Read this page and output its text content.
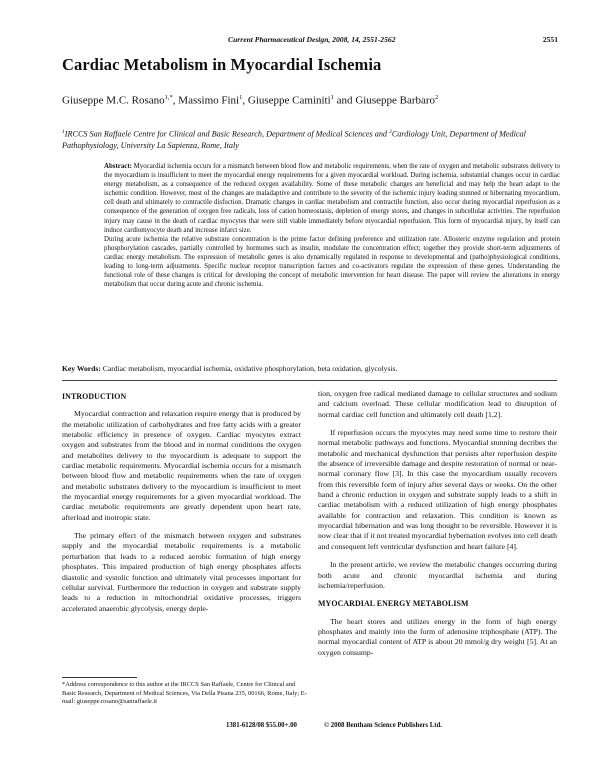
Current Pharmaceutical Design, 2008, 14, 2551-2562	2551
Cardiac Metabolism in Myocardial Ischemia
Giuseppe M.C. Rosano$^{1,*}$, Massimo Fini$^1$, Giuseppe Caminiti$^1$ and Giuseppe Barbaro$^2$
$^1$IRCCS San Raffaele Centre for Clinical and Basic Research, Department of Medical Sciences and $^2$Cardiology Unit, Department of Medical Pathophysiology, University La Sapienza, Rome, Italy

Abstract: Myocardial ischemia occurs for a mismatch between blood flow and metabolic requirements, when the rate of oxygen and metabolic substrates delivery to the myocardium is insufficient to meet the myocardial energy requirements for a given myocardial workload. During ischemia, substantial changes occur in cardiac energy metabolism, as a consequence of the reduced oxygen availability. Some of these metabolic changes are beneficial and may help the heart adapt to the ischemic condition. However, most of the changes are maladaptive and contribute to the severity of the ischemic injury leading stunned or hibernating myocardium, cell death and ultimately to contractile disfuction. Dramatic changes in cardiac metabolism and contractile function, also occur during myocardial reperfusion as a consequence of the generation of oxygen free radicals, loss of cation homeostasis, depletion of energy stores, and changes in subcellular activities. The reperfusion injury may cause in the death of cardiac myocytes that were still viable immediately before myocardial reperfusion. This form of myocardial injury, by itself can induce cardiomyocyte death and increase infarct size.

During acute ischemia the relative substrate concentration is the prime factor defining preference and utilization rate. Allosteric enzyme regulation and protein phosphorylation cascades, partially controlled by hormones such as insulin, modulate the concentration effect; together they provide short-term adjustments of cardiac energy metabolism. The expression of metabolic genes is also dynamically regulated in response to developmental and (patho)physiological conditions, leading to long-term adjustments. Specific nuclear receptor transcription factors and co-activators regulate the expression of these genes. Understanding the functional role of these changes is critical for developing the concept of metabolic intervention for heart disease. The paper will review the alterations in energy metabolism that occur during acute and chronic ischemia.

Key Words: Cardiac metabolism, myocardial ischemia, oxidative phosphorylation, beta oxidation, glycolysis.
INTRODUCTION

Myocardial contraction and relaxation require energy that is produced by the metabolic utilization of carbohydrates and free fatty acids with a greater metabolic efficiency in presence of oxygen. Cardiac myocytes extract oxygen and substrates from the blood and in normal conditions the oxygen and metabolites delivery to the myocardium is adequate to support the cardiac metabolic requirements. Myocardial ischemia occurs for a mismatch between blood flow and metabolic requirements when the rate of oxygen and metabolic substrates delivery to the myocardium is insufficient to meet the myocardial energy requirements for a given myocardial workload. The cardiac metabolic requirements are greatly dependent upon heart rate, afterload and inotropic state.

The primary effect of the mismatch between oxygen and substrates supply and the myocardial metabolic requirements is a metabolic perturbation that leads to a reduced aerobic formation of high energy phosphates. This impaired production of high energy phosphates affects diastolic and systolic function and ultimately vital processes important for cellular survival. Furthermore the reduction in oxygen and substrate supply leads to a reduction in mitochondrial oxidative processes, triggers accelerated anaerobic glycolysis, energy deple-

tion, oxygen free radical mediated damage to cellular structures and sodium and calcium overload. These cellular modification lead to disruption of normal cardiac cell function and ultimately cell death [1,2].

If reperfusion occurs the myocytes may need some time to restore their normal metabolic pathways and functions. Myocardial stunning decribes the metabolic and mechanical dysfunction that persists after reperfusion despite the absence of irreversible damage and despite restoration of normal or near-normal coronary flow [3]. In this case the myocardium usually recovers from this reversible form of injury after several days or weeks. On the other hand a chronic reduction in oxygen and substrate supply leads to a shift in cardiac metabolism with a reduced utilization of high energy phosphates available for contraction and relaxation. This condition is known as myocardial hibernation and was long thought to be reversible. However it is now clear that if it not treated myocardial hybernation evolves into cell death and consequent left ventricular dysfunction and heart failure [4].

In the present article, we review the metabolic changes occurring during both acute and chronic myocardial ischemia and during ischemia/reperfusion.

MYOCARDIAL ENERGY METABOLISM

The heart stores and utilizes energy in the form of high energy phosphates and mainly into the form of adenosine triphosphate (ATP). The normal myocardial content of ATP is about 20 mmol/g dry weight [5]. At an oxygen consump-

*Address correspondence to this author at the IRCCS San Raffaele, Centre for Clinical and Basic Research, Department of Medical Sciences, Via Della Pisana 235, 00166, Rome, Italy; E-mail: giuseppe.rosano@sanraffaele.it
1381-6128/08 $55.00+.00	© 2008 Bentham Science Publishers Ltd.
